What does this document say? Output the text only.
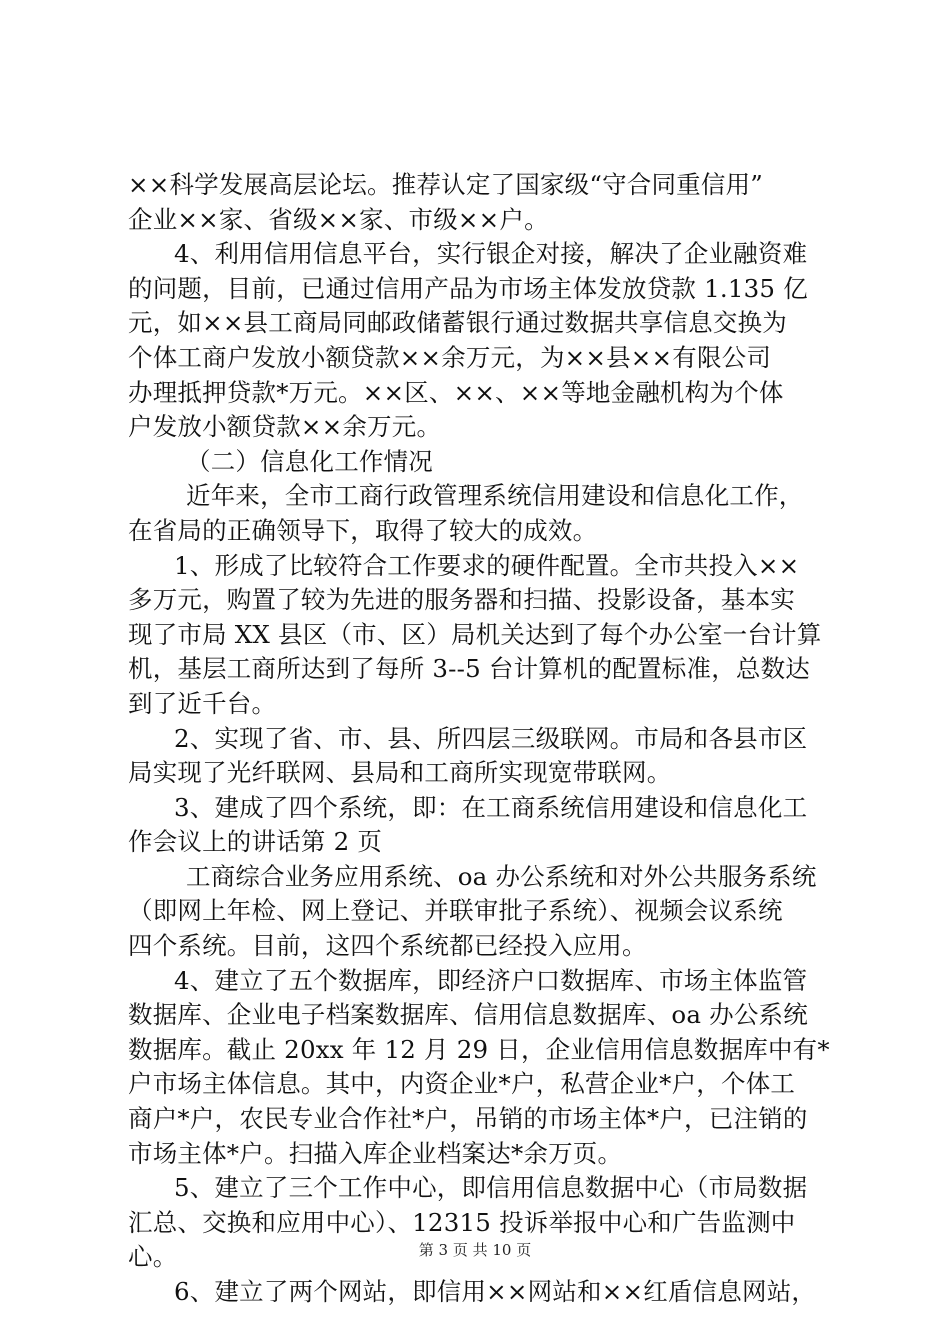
××科学发展高层论坛。推荐认定了国家级“守合同重信用”
企业××家、省级××家、市级××户。
4、利用信用信息平台，实行银企对接，解决了企业融资难
的问题，目前，已通过信用产品为市场主体发放贷款 1.135 亿
元，如××县工商局同邮政储蓄银行通过数据共享信息交换为
个体工商户发放小额贷款××余万元，为××县××有限公司
办理抵押贷款*万元。××区、××、××等地金融机构为个体
户发放小额贷款××余万元。
（二）信息化工作情况
近年来，全市工商行政管理系统信用建设和信息化工作，
在省局的正确领导下，取得了较大的成效。
1、形成了比较符合工作要求的硬件配置。全市共投入××
多万元，购置了较为先进的服务器和扫描、投影设备，基本实
现了市局 XX 县区（市、区）局机关达到了每个办公室一台计算
机，基层工商所达到了每所 3--5 台计算机的配置标准，总数达
到了近千台。
2、实现了省、市、县、所四层三级联网。市局和各县市区
局实现了光纤联网、县局和工商所实现宽带联网。
3、建成了四个系统，即：在工商系统信用建设和信息化工
作会议上的讲话第 2 页
工商综合业务应用系统、oa 办公系统和对外公共服务系统
（即网上年检、网上登记、并联审批子系统）、视频会议系统
四个系统。目前，这四个系统都已经投入应用。
4、建立了五个数据库，即经济户口数据库、市场主体监管
数据库、企业电子档案数据库、信用信息数据库、oa 办公系统
数据库。截止 20xx 年 12 月 29 日，企业信用信息数据库中有*
户市场主体信息。其中，内资企业*户，私营企业*户，个体工
商户*户，农民专业合作社*户，吊销的市场主体*户，已注销的
市场主体*户。扫描入库企业档案达*余万页。
5、建立了三个工作中心，即信用信息数据中心（市局数据
汇总、交换和应用中心）、12315 投诉举报中心和广告监测中
心。
6、建立了两个网站，即信用××网站和××红盾信息网站，
第 3 页 共 10 页
